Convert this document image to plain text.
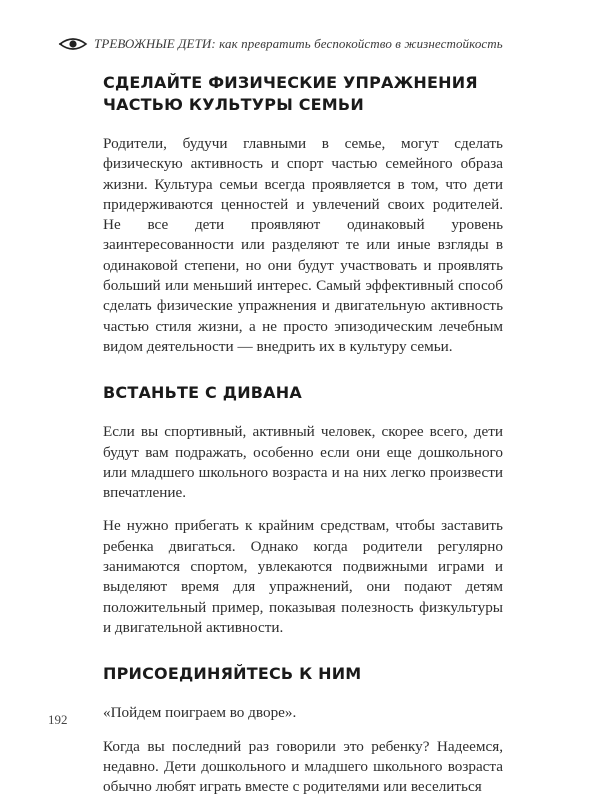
ТРЕВОЖНЫЕ ДЕТИ: как превратить беспокойство в жизнестойкость
СДЕЛАЙТЕ ФИЗИЧЕСКИЕ УПРАЖНЕНИЯ
ЧАСТЬЮ КУЛЬТУРЫ СЕМЬИ

Родители, будучи главными в семье, могут сделать физическую активность и спорт частью семейного образа жизни. Культура семьи всегда проявляется в том, что дети придерживаются ценностей и увлечений своих родителей. Не все дети проявляют одинаковый уровень заинтересованности или разделяют те или иные взгляды в одинаковой степени, но они будут участвовать и проявлять больший или меньший интерес. Самый эффективный способ сделать физические упражнения и двигательную активность частью стиля жизни, а не просто эпизодическим лечебным видом деятельности — внедрить их в культуру семьи.

ВСТАНЬТЕ С ДИВАНА

Если вы спортивный, активный человек, скорее всего, дети будут вам подражать, особенно если они еще дошкольного или младшего школьного возраста и на них легко произвести впечатление.

Не нужно прибегать к крайним средствам, чтобы заставить ребенка двигаться. Однако когда родители регулярно занимаются спортом, увлекаются подвижными играми и выделяют время для упражнений, они подают детям положительный пример, показывая полезность физкультуры и двигательной активности.

ПРИСОЕДИНЯЙТЕСЬ К НИМ

«Пойдем поиграем во дворе».

Когда вы последний раз говорили это ребенку? Надеемся, недавно. Дети дошкольного и младшего школьного возраста обычно любят играть вместе с родителями или веселиться

192
